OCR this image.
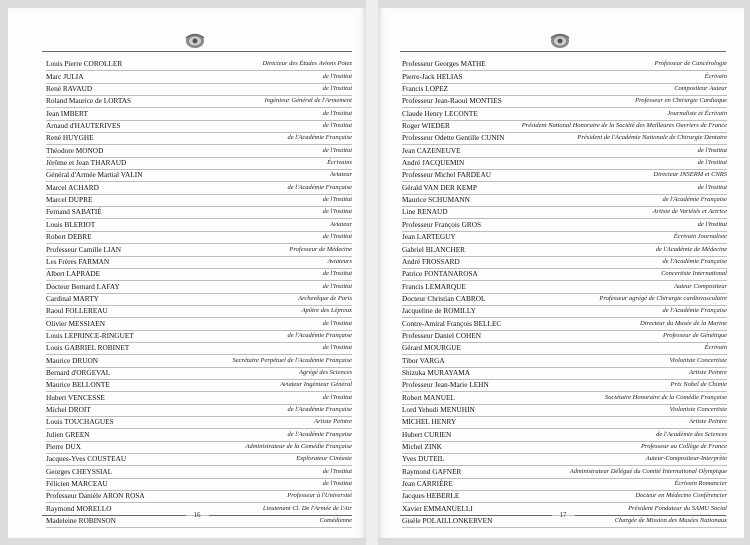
Louis Pierre COROLLER	Directeur des Études Avions Potez
Marc JULIA	de l'Institut
René RAVAUD	de l'Institut
Roland Maurice de LORTAS	Ingénieur Général de l'Armement
Jean IMBERT	de l'Institut
Arnaud d'HAUTERIVES	de l'Institut
René HUYGHE	de l'Académie Française
Théodore MONOD	de l'Institut
Jérôme et Jean THARAUD	Écrivains
Général d'Armée Martial VALIN	Aviateur
Marcel ACHARD	de l'Académie Française
Marcel DUPRE	de l'Institut
Fernand SABATIÉ	de l'Institut
Louis BLERIOT	Aviateur
Robert DEBRE	de l'Institut
Professeur Camille LIAN	Professeur de Médecine
Les Frères FARMAN	Aviateurs
Albert LAPRADE	de l'Institut
Docteur Bernard LAFAY	de l'Institut
Cardinal MARTY	Archevêque de Paris
Raoul FOLLEREAU	Apôtre des Lépreux
Olivier MESSIAEN	de l'Institut
Louis LEPRINCE-RINGUET	de l'Académie Française
Louis GABRIEL ROBINET	de l'Institut
Maurice DRUON	Secrétaire Perpétuel de l'Académie Française
Bernard d'ORGEVAL	Agrégé des Sciences
Maurice BELLONTE	Aviateur Ingénieur Général
Hubert VENCESSE	de l'Institut
Michel DROIT	de l'Académie Française
Louis TOUCHAGUES	Artiste Peintre
Julien GREEN	de l'Académie Française
Pierre DUX	Administrateur de la Comédie Française
Jacques-Yves COUSTEAU	Explorateur Cinéaste
Georges CHEYSSIAL	de l'Institut
Félicien MARCEAU	de l'Institut
Professeur Danièle ARON ROSA	Professeur à l'Université
Raymond MORELLO	Lieutenant Cl. De l'Armée de l'Air
Madeleine ROBINSON	Comédienne
16
Professeur Georges MATHE	Professeur de Cancérologie
Pierre-Jack HELIAS	Écrivain
Francis LOPEZ	Compositeur Auteur
Professeur Jean-Raoul MONTIES	Professeur en Chirurgie Cardiaque
Claude Henry LECONTE	Journaliste et Écrivain
Roger WIEDER	Président National Honoraire de la Société des Meilleures Ouvriers de France
Professeur Odette Gentille CUNIN	Président de l'Académie Nationale de Chirurgie Dentaire
Jean CAZENEUVE	de l'Institut
André JACQUEMIN	de l'Institut
Professeur Michel FARDEAU	Directeur INSERM et CNRS
Gérald VAN DER KEMP	de l'Institut
Maurice SCHUMANN	de l'Académie Française
Line RENAUD	Artiste de Variétés et Actrice
Professeur François GROS	de l'Institut
Jean LARTEGUY	Écrivain Journaliste
Gabriel BLANCHER	de l'Académie de Médecine
André FROSSARD	de l'Académie Française
Patrice FONTANAROSA	Concertiste International
Francis LEMARQUE	Auteur Compositeur
Docteur Christian CABROL	Professeur agrégé de Chirurgie cardiovasculaire
Jacqueline de ROMILLY	de l'Académie Française
Contre-Amiral François BELLEC	Directeur du Musée de la Marine
Professeur Daniel COHEN	Professeur de Génétique
Gérard MOURGUE	Écrivain
Tibor VARGA	Violoniste Concertiste
Shizuka MURAYAMA	Artiste Peintre
Professeur Jean-Marie LEHN	Prix Nobel de Chimie
Robert MANUEL	Sociétaire Honoraire de la Comédie Française
Lord Yehudi MENUHIN	Violoniste Concertiste
MICHEL HENRY	Artiste Peintre
Hubert CURIEN	de l'Académie des Sciences
Michel ZINK	Professeur au Collège de France
Yves DUTEIL	Auteur-Compositeur-Interprète
Raymond GAFNER	Administrateur Délégué du Comité International Olympique
Jean CARRIÈRE	Écrivain Romancier
Jacques HEBERLE	Docteur en Médecine Conférencier
Xavier EMMANUELLI	Président Fondateur du SAMU Social
Gisèle POLAILLONKERVEN	Chargée de Mission des Musées Nationaux
17
